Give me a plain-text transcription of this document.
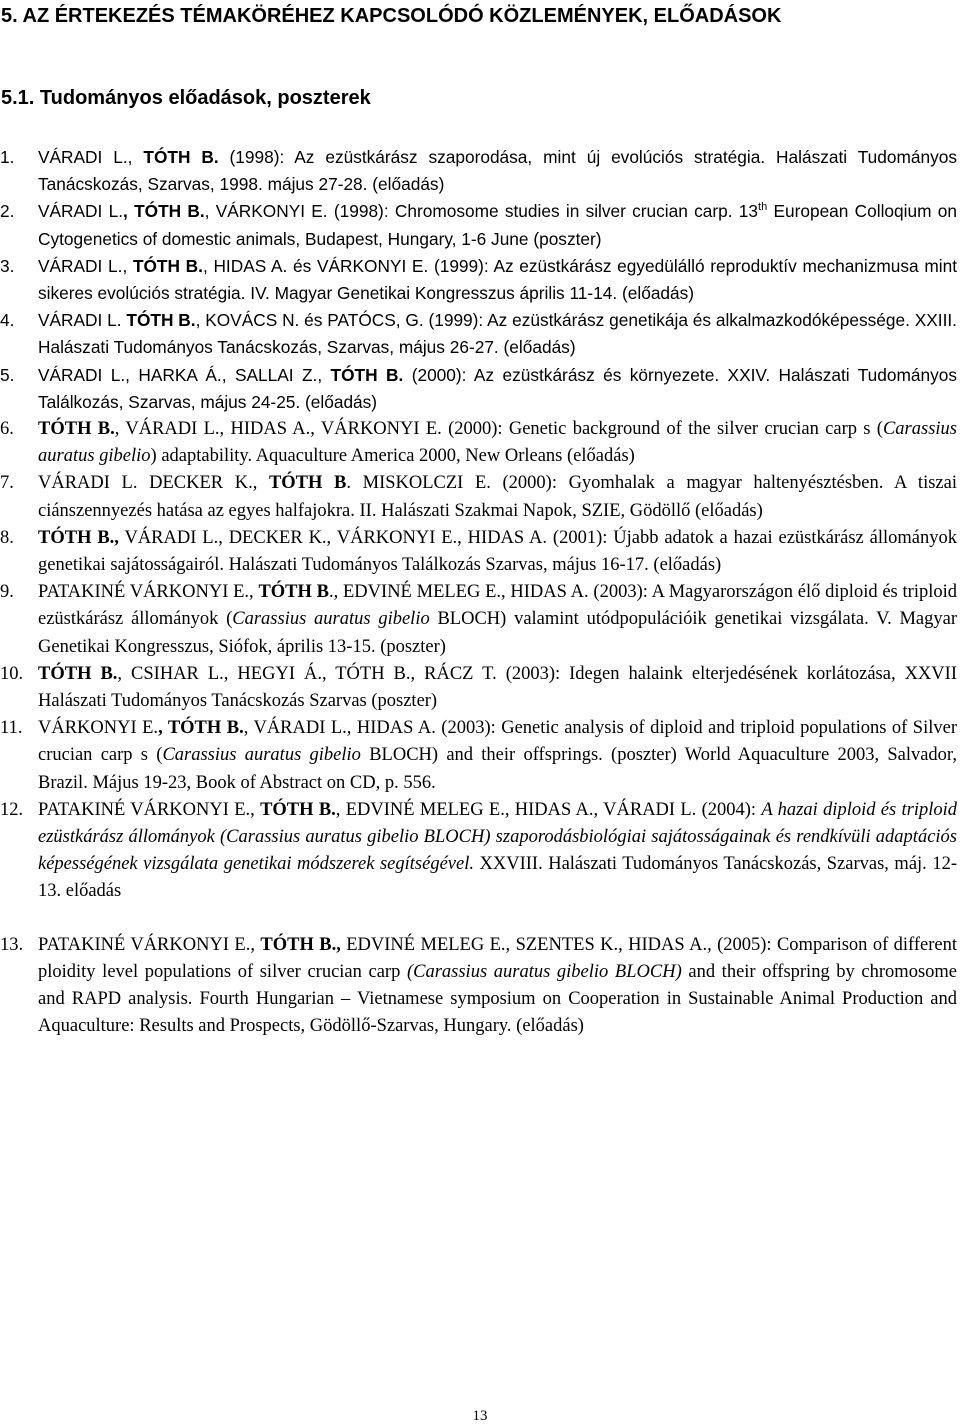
5. AZ ÉRTEKEZÉS TÉMAKÖRÉHEZ KAPCSOLÓDÓ KÖZLEMÉNYEK, ELŐADÁSOK
5.1. Tudományos előadások, poszterek
1. VÁRADI L., TÓTH B. (1998): Az ezüstkárász szaporodása, mint új evolúciós stratégia. Halászati Tudományos Tanácskozás, Szarvas, 1998. május 27-28. (előadás)
2. VÁRADI L., TÓTH B., VÁRKONYI E. (1998): Chromosome studies in silver crucian carp. 13th European Colloqium on Cytogenetics of domestic animals, Budapest, Hungary, 1-6 June (poszter)
3. VÁRADI L., TÓTH B., HIDAS A. és VÁRKONYI E. (1999): Az ezüstkárász egyedülálló reproduktív mechanizmusa mint sikeres evolúciós stratégia. IV. Magyar Genetikai Kongresszus április 11-14. (előadás)
4. VÁRADI L. TÓTH B., KOVÁCS N. és PATÓCS, G. (1999): Az ezüstkárász genetikája és alkalmazkodóképessége. XXIII. Halászati Tudományos Tanácskozás, Szarvas, május 26-27. (előadás)
5. VÁRADI L., HARKA Á., SALLAI Z., TÓTH B. (2000): Az ezüstkárász és környezete. XXIV. Halászati Tudományos Találkozás, Szarvas, május 24-25. (előadás)
6. TÓTH B., VÁRADI L., HIDAS A., VÁRKONYI E. (2000): Genetic background of the silver crucian carp s (Carassius auratus gibelio) adaptability. Aquaculture America 2000, New Orleans (előadás)
7. VÁRADI L. DECKER K., TÓTH B. MISKOLCZI E. (2000): Gyomhalak a magyar haltenyésztésben. A tiszai ciánszennyezés hatása az egyes halfajokra. II. Halászati Szakmai Napok, SZIE, Gödöllő (előadás)
8. TÓTH B., VÁRADI L., DECKER K., VÁRKONYI E., HIDAS A. (2001): Újabb adatok a hazai ezüstkárász állományok genetikai sajátosságairól. Halászati Tudományos Találkozás Szarvas, május 16-17. (előadás)
9. PATAKINÉ VÁRKONYI E., TÓTH B., EDVINÉ MELEG E., HIDAS A. (2003): A Magyarországon élő diploid és triploid ezüstkárász állományok (Carassius auratus gibelio BLOCH) valamint utódpopulációik genetikai vizsgálata. V. Magyar Genetikai Kongresszus, Siófok, április 13-15. (poszter)
10. TÓTH B., CSIHAR L., HEGYI Á., TÓTH B., RÁCZ T. (2003): Idegen halaink elterjedésének korlátozása, XXVII Halászati Tudományos Tanácskozás Szarvas (poszter)
11. VÁRKONYI E., TÓTH B., VÁRADI L., HIDAS A. (2003): Genetic analysis of diploid and triploid populations of Silver crucian carp s (Carassius auratus gibelio BLOCH) and their offsprings. (poszter) World Aquaculture 2003, Salvador, Brazil. Május 19-23, Book of Abstract on CD, p. 556.
12. PATAKINÉ VÁRKONYI E., TÓTH B., EDVINÉ MELEG E., HIDAS A., VÁRADI L. (2004): A hazai diploid és triploid ezüstkárász állományok (Carassius auratus gibelio BLOCH) szaporodásbiológiai sajátosságainak és rendkívüli adaptációs képességének vizsgálata genetikai módszerek segítségével. XXVIII. Halászati Tudományos Tanácskozás, Szarvas, máj. 12-13. előadás
13. PATAKINÉ VÁRKONYI E., TÓTH B., EDVINÉ MELEG E., SZENTES K., HIDAS A., (2005): Comparison of different ploidity level populations of silver crucian carp (Carassius auratus gibelio BLOCH) and their offspring by chromosome and RAPD analysis. Fourth Hungarian – Vietnamese symposium on Cooperation in Sustainable Animal Production and Aquaculture: Results and Prospects, Gödöllő-Szarvas, Hungary. (előadás)
13
